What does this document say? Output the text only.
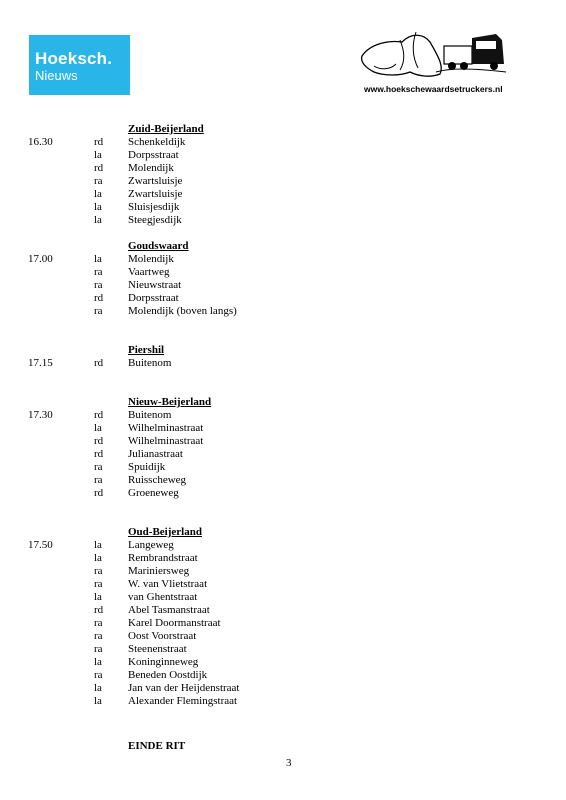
Hoeksch.
Nieuws
www.hoekschewaardsetruckers.nl
Zuid-Beijerland
16.30	rd Schenkeldijk
la Dorpsstraat
rd Molendijk
ra Zwartsluisje
la Zwartsluisje
la Sluisjesdijk
la Steegjesdijk
Goudswaard
17.00	la Molendijk
ra Vaartweg
ra Nieuwstraat
rd Dorpsstraat
ra Molendijk (boven langs)
Piershil
17.15	rd Buitenom
Nieuw-Beijerland
17.30	rd Buitenom
la Wilhelminastraat
rd Wilhelminastraat
rd Julianastraat
ra Spuidijk
ra Ruisscheweg
rd Groeneweg
Oud-Beijerland
17.50	la Langeweg
la Rembrandstraat
ra Mariniersweg
ra W. van Vlietstraat
la van Ghentstraat
rd Abel Tasmanstraat
ra Karel Doormanstraat
ra Oost Voorstraat
ra Steenenstraat
la Koninginneweg
ra Beneden Oostdijk
la Jan van der Heijdenstraat
la Alexander Flemingstraat
EINDE RIT
3
